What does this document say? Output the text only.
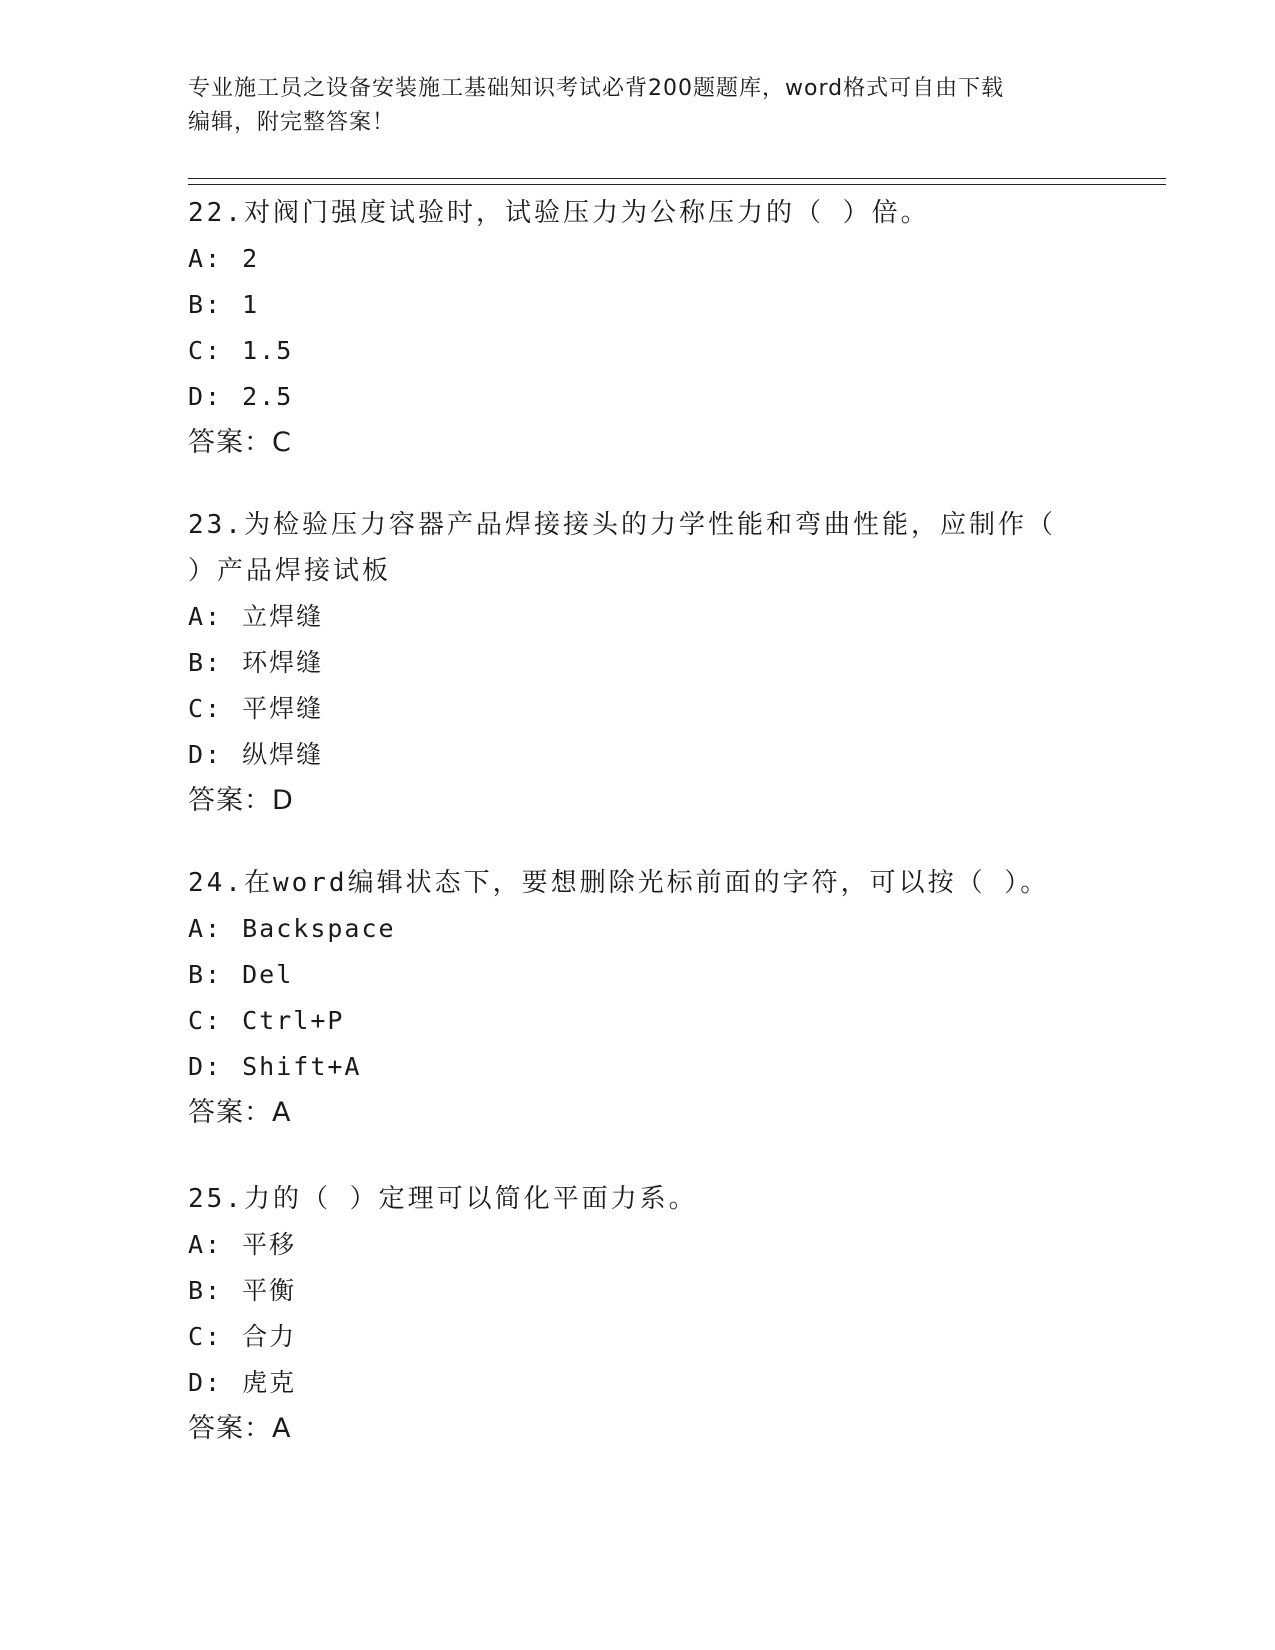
专业施工员之设备安装施工基础知识考试必背200题题库，word格式可自由下载
编辑，附完整答案！
22.对阀门强度试验时，试验压力为公称压力的（ ）倍。
A: 2
B: 1
C: 1.5
D: 2.5
答案：C
23.为检验压力容器产品焊接接头的力学性能和弯曲性能，应制作（
）产品焊接试板
A: 立焊缝
B: 环焊缝
C: 平焊缝
D: 纵焊缝
答案：D
24.在word编辑状态下，要想删除光标前面的字符，可以按（ ）。
A: Backspace
B: Del
C: Ctrl+P
D: Shift+A
答案：A
25.力的（ ）定理可以简化平面力系。
A: 平移
B: 平衡
C: 合力
D: 虎克
答案：A
